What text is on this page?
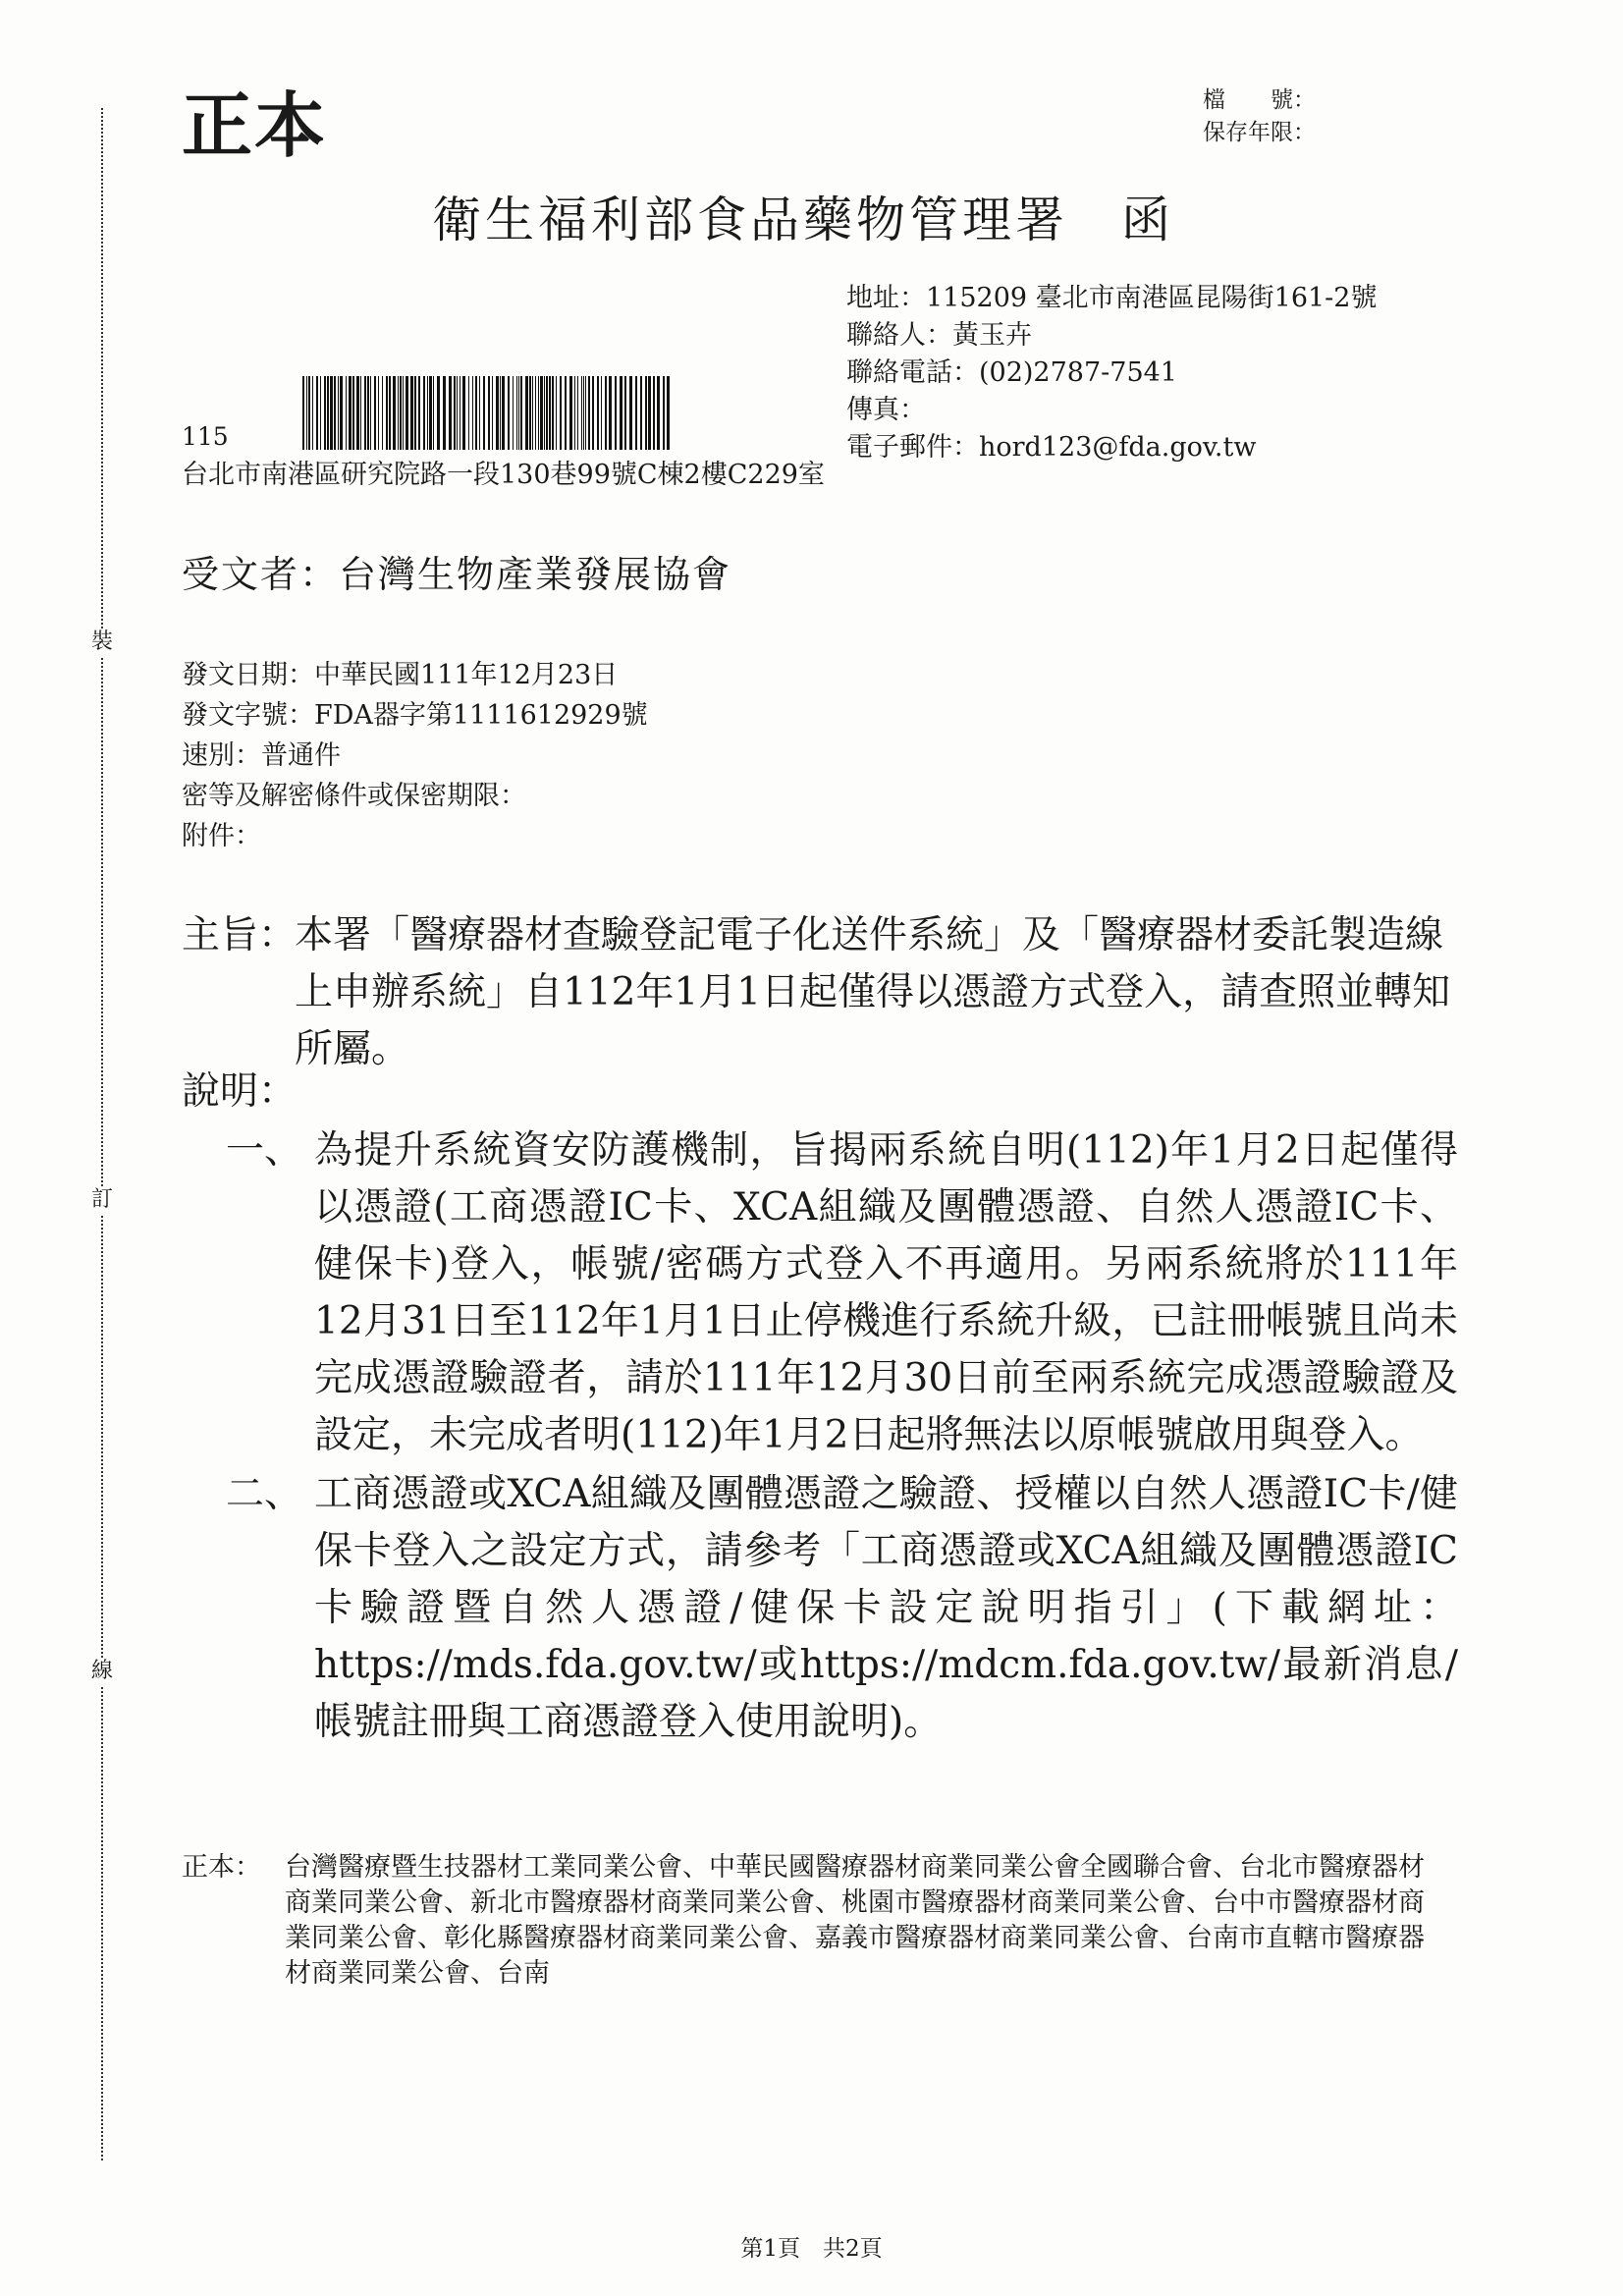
裝
訂
線
正本	檔　　號：
保存年限：
衛生福利部食品藥物管理署　函
地址：115209 臺北市南港區昆陽街161-2號
聯絡人：黃玉卉
聯絡電話：(02)2787-7541
傳真：
電子郵件：hord123@fda.gov.tw
115
台北市南港區研究院路一段130巷99號C棟2樓C229室
受文者：台灣生物產業發展協會
發文日期：中華民國111年12月23日
發文字號：FDA器字第1111612929號
速別：普通件
密等及解密條件或保密期限：
附件：
主旨：
本署「醫療器材查驗登記電子化送件系統」及「醫療器材委託製造線上申辦系統」自112年1月1日起僅得以憑證方式登入，請查照並轉知所屬。
說明：
一、 為提升系統資安防護機制，旨揭兩系統自明(112)年1月2日起僅得以憑證(工商憑證IC卡、XCA組織及團體憑證、自然人憑證IC卡、健保卡)登入，帳號/密碼方式登入不再適用。另兩系統將於111年12月31日至112年1月1日止停機進行系統升級，已註冊帳號且尚未完成憑證驗證者，請於111年12月30日前至兩系統完成憑證驗證及設定，未完成者明(112)年1月2日起將無法以原帳號啟用與登入。
二、 工商憑證或XCA組織及團體憑證之驗證、授權以自然人憑證IC卡/健保卡登入之設定方式，請參考「工商憑證或XCA組織及團體憑證IC卡驗證暨自然人憑證/健保卡設定說明指引」(下載網址：https://mds.fda.gov.tw/或https://mdcm.fda.gov.tw/最新消息/帳號註冊與工商憑證登入使用說明)。
正本： 台灣醫療暨生技器材工業同業公會、中華民國醫療器材商業同業公會全國聯合會、台北市醫療器材商業同業公會、新北市醫療器材商業同業公會、桃園市醫療器材商業同業公會、台中市醫療器材商業同業公會、彰化縣醫療器材商業同業公會、嘉義市醫療器材商業同業公會、台南市直轄市醫療器材商業同業公會、台南
第1頁　共2頁
